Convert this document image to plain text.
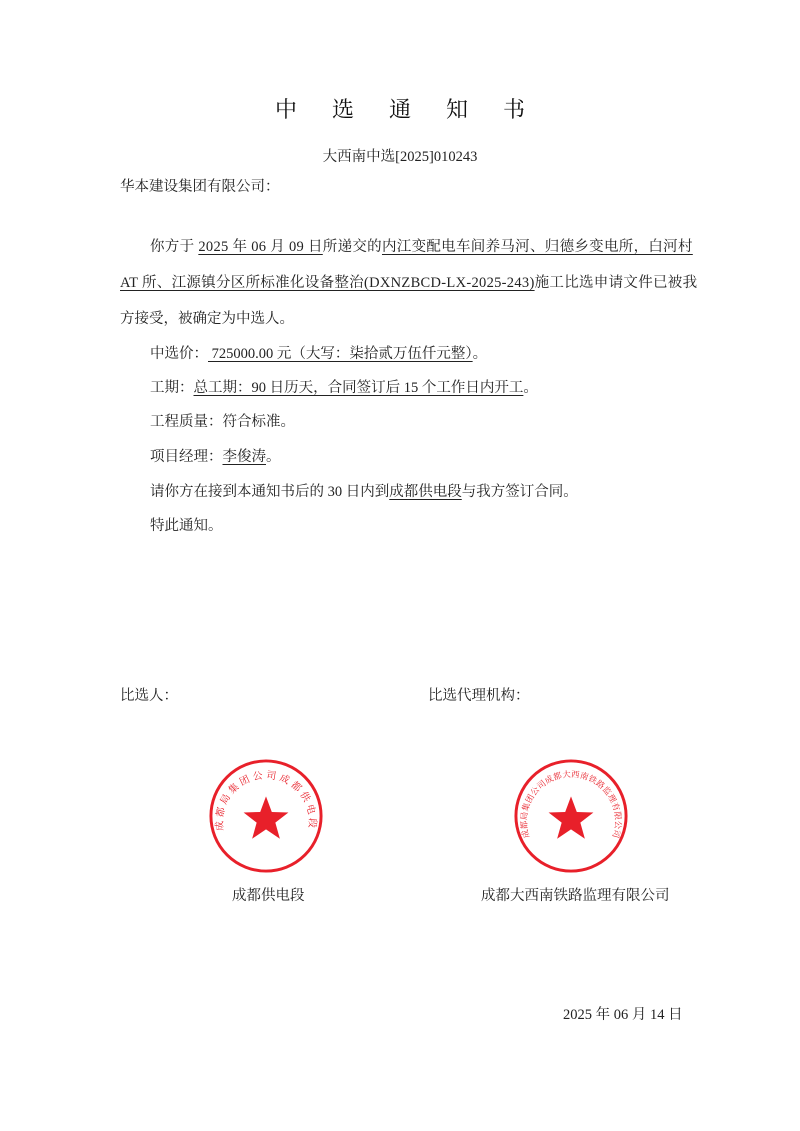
中 选 通 知 书
大西南中选[2025]010243
华本建设集团有限公司：
你方于 2025 年 06 月 09 日所递交的内江变配电车间养马河、归德乡变电所，白河村
AT 所、江源镇分区所标准化设备整治(DXNZBCD-LX-2025-243)施工比选申请文件已被我
方接受，被确定为中选人。
中选价： 725000.00 元（大写：柒拾贰万伍仟元整）。
工期：总工期：90 日历天，合同签订后 15 个工作日内开工。
工程质量：符合标准。
项目经理：李俊涛。
请你方在接到本通知书后的 30 日内到成都供电段与我方签订合同。
特此通知。
比选人：	比选代理机构：
成都局集团公司成都供电段
成都局集团公司成都大西南铁路监理有限公司
成都供电段	成都大西南铁路监理有限公司
2025 年 06 月 14 日
